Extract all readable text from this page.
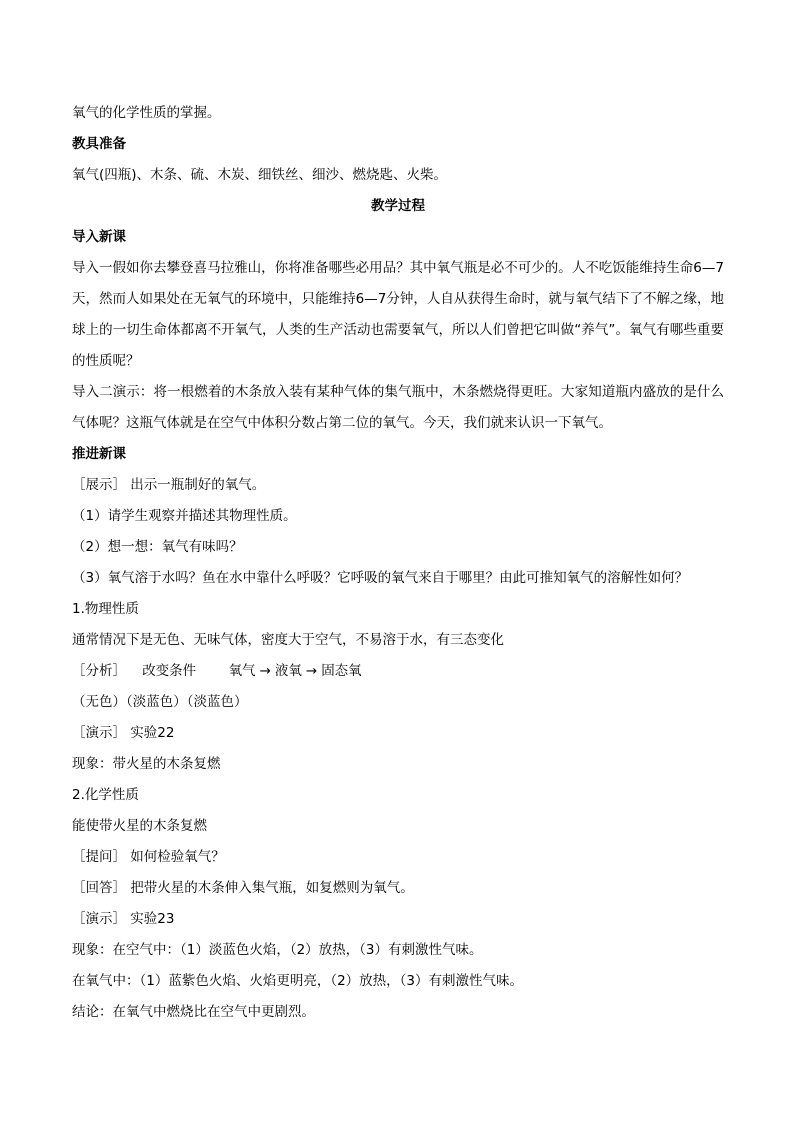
氧气的化学性质的掌握。
教具准备
氧气(四瓶)、木条、硫、木炭、细铁丝、细沙、燃烧匙、火柴。
教学过程
导入新课
导入一假如你去攀登喜马拉雅山，你将准备哪些必用品？其中氧气瓶是必不可少的。人不吃饭能维持生命6—7天，然而人如果处在无氧气的环境中，只能维持6—7分钟，人自从获得生命时，就与氧气结下了不解之缘，地球上的一切生命体都离不开氧气，人类的生产活动也需要氧气，所以人们曾把它叫做“养气”。氧气有哪些重要的性质呢？
导入二演示：将一根燃着的木条放入装有某种气体的集气瓶中，木条燃烧得更旺。大家知道瓶内盛放的是什么气体呢？这瓶气体就是在空气中体积分数占第二位的氧气。今天，我们就来认识一下氧气。
推进新课
［展示］ 出示一瓶制好的氧气。
（1）请学生观察并描述其物理性质。
（2）想一想：氧气有味吗？
（3）氧气溶于水吗？鱼在水中靠什么呼吸？它呼吸的氧气来自于哪里？由此可推知氧气的溶解性如何？
1.物理性质
通常情况下是无色、无味气体，密度大于空气，不易溶于水，有三态变化
［分析］ 改变条件 氧气 → 液氧 → 固态氧
（无色）（淡蓝色）（淡蓝色）
［演示］ 实验22
现象：带火星的木条复燃
2.化学性质
能使带火星的木条复燃
［提问］ 如何检验氧气？
［回答］ 把带火星的木条伸入集气瓶，如复燃则为氧气。
［演示］ 实验23
现象：在空气中：（1）淡蓝色火焰，（2）放热，（3）有刺激性气味。
在氧气中：（1）蓝紫色火焰、火焰更明亮，（2）放热，（3）有刺激性气味。
结论：在氧气中燃烧比在空气中更剧烈。
